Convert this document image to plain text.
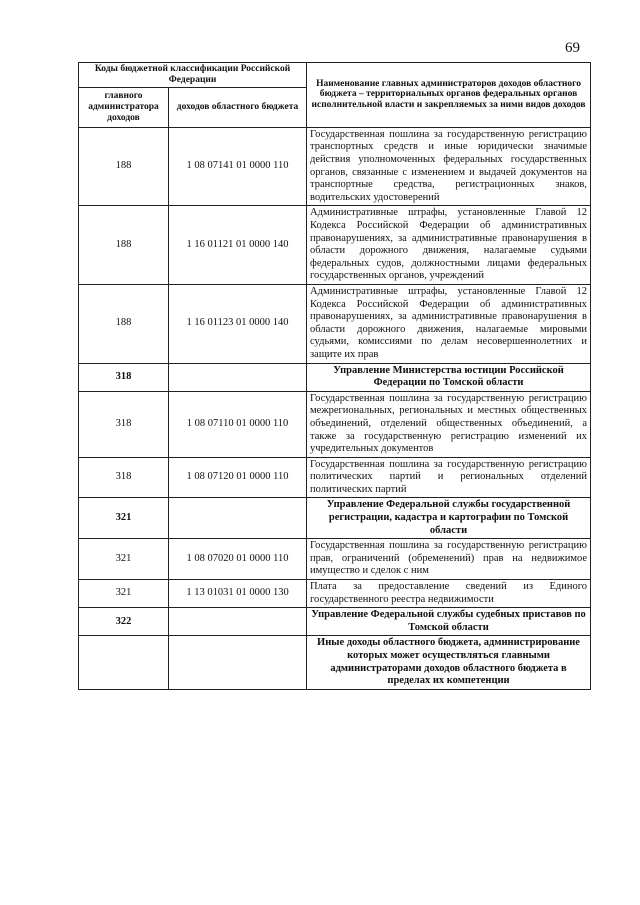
69
Коды бюджетной классификации Российской Федерации		Наименование главных администраторов доходов областного бюджета – территориальных органов федеральных органов исполнительной власти и закрепляемых за ними видов доходов
главного администратора доходов	доходов областного бюджета	
188	1 08 07141 01 0000 110	Государственная пошлина за государственную регистрацию транспортных средств и иные юридически значимые действия уполномоченных федеральных государственных органов, связанные с изменением и выдачей документов на транспортные средства, регистрационных знаков, водительских удостоверений
188	1 16 01121 01 0000 140	Административные штрафы, установленные Главой 12 Кодекса Российской Федерации об административных правонарушениях, за административные правонарушения в области дорожного движения, налагаемые судьями федеральных судов, должностными лицами федеральных государственных органов, учреждений
188	1 16 01123 01 0000 140	Административные штрафы, установленные Главой 12 Кодекса Российской Федерации об административных правонарушениях, за административные правонарушения в области дорожного движения, налагаемые мировыми судьями, комиссиями по делам несовершеннолетних и защите их прав
318		Управление Министерства юстиции Российской Федерации по Томской области
318	1 08 07110 01 0000 110	Государственная пошлина за государственную регистрацию межрегиональных, региональных и местных общественных объединений, отделений общественных объединений, а также за государственную регистрацию изменений их учредительных документов
318	1 08 07120 01 0000 110	Государственная пошлина за государственную регистрацию политических партий и региональных отделений политических партий
321		Управление Федеральной службы государственной регистрации, кадастра и картографии по Томской области
321	1 08 07020 01 0000 110	Государственная пошлина за государственную регистрацию прав, ограничений (обременений) прав на недвижимое имущество и сделок с ним
321	1 13 01031 01 0000 130	Плата за предоставление сведений из Единого государственного реестра недвижимости
322		Управление Федеральной службы судебных приставов по Томской области
		Иные доходы областного бюджета, администрирование которых может осуществляться главными администраторами доходов областного бюджета в пределах их компетенции
